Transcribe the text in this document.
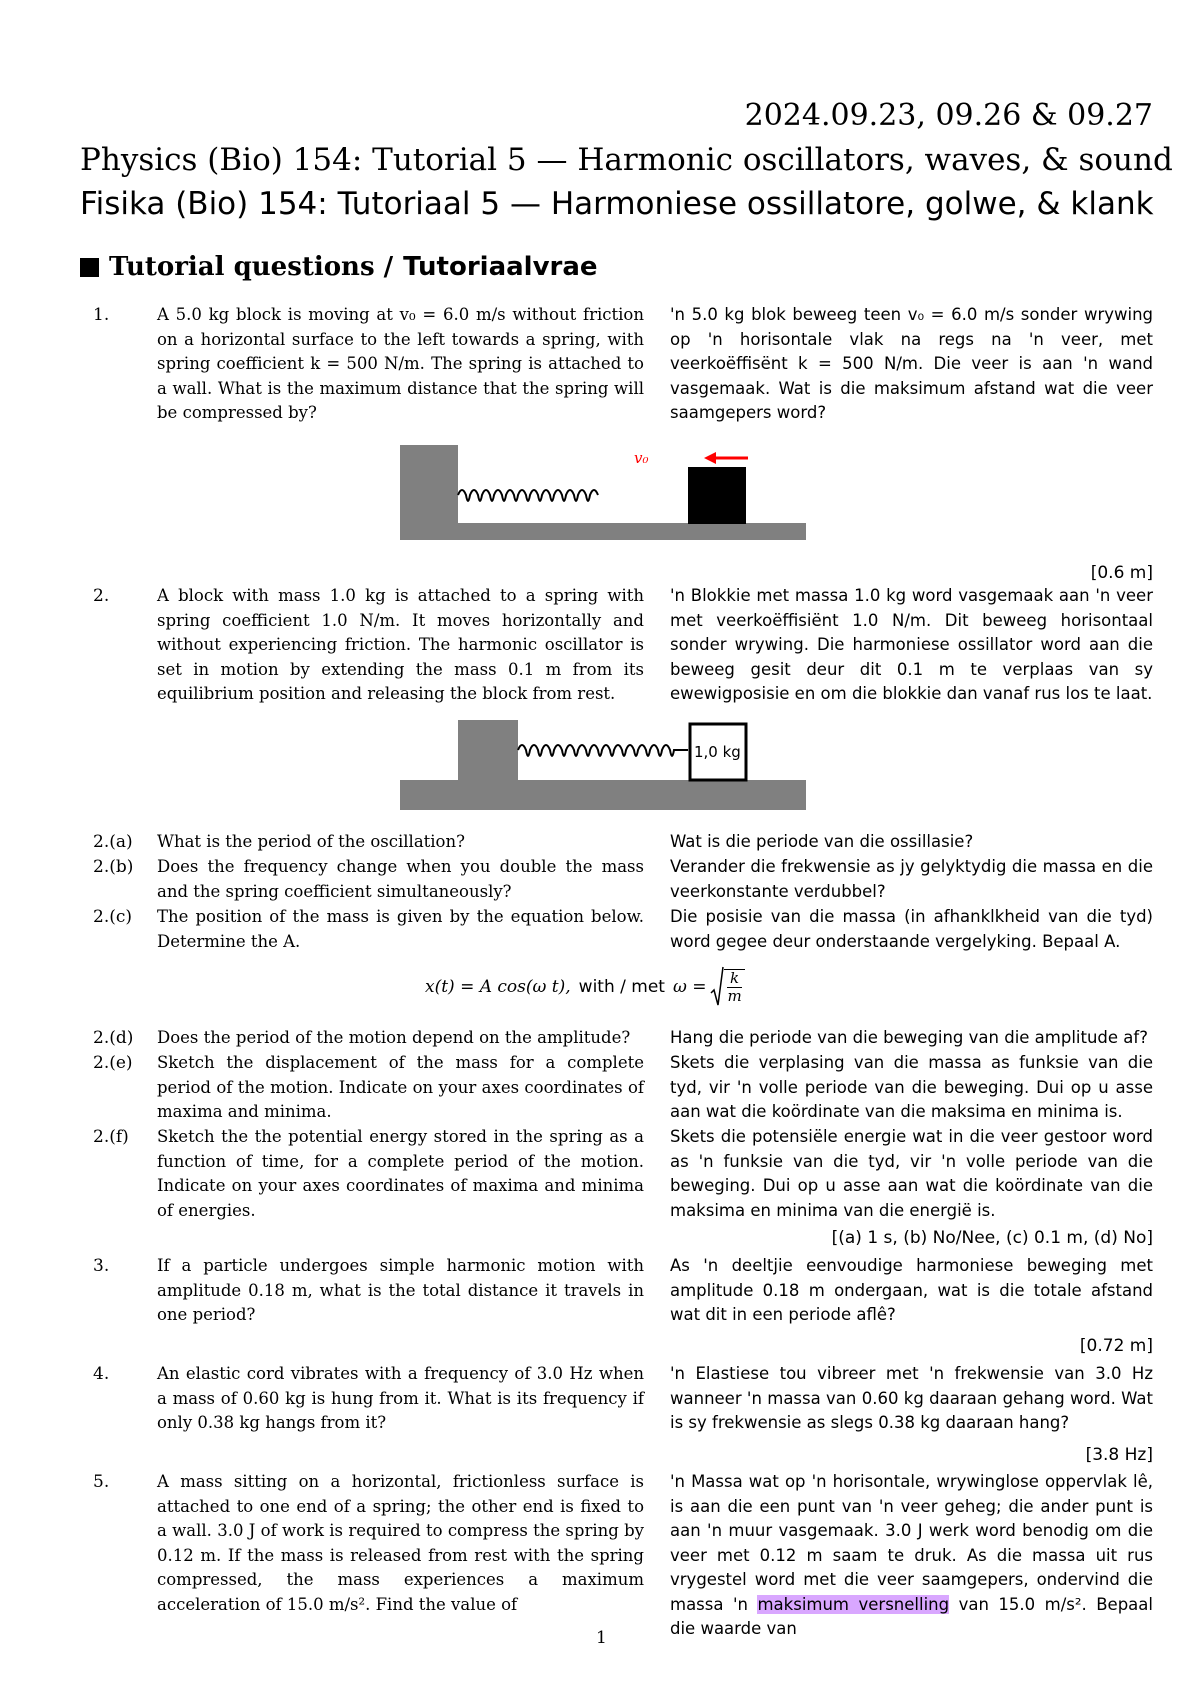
2024.09.23, 09.26 & 09.27
Physics (Bio) 154: Tutorial 5 — Harmonic oscillators, waves, & sound
Fisika (Bio) 154: Tutoriaal 5 — Harmoniese ossillatore, golwe, & klank
Tutorial questions / Tutoriaalvrae
1.	A 5.0 kg block is moving at v₀ = 6.0 m/s without friction on a horizontal surface to the left towards a spring, with spring coefficient k = 500 N/m. The spring is attached to a wall. What is the maximum distance that the spring will be compressed by?
'n 5.0 kg blok beweeg teen v₀ = 6.0 m/s sonder wrywing op 'n horisontale vlak na regs na 'n veer, met veerkoëffisënt k = 500 N/m. Die veer is aan 'n wand vasgemaak. Wat is die maksimum afstand wat die veer saamgepers word?
v₀
[0.6 m]
2.	A block with mass 1.0 kg is attached to a spring with spring coefficient 1.0 N/m. It moves horizontally and without experiencing friction. The harmonic oscillator is set in motion by extending the mass 0.1 m from its equilibrium position and releasing the block from rest.
'n Blokkie met massa 1.0 kg word vasgemaak aan 'n veer met veerkoëffisiënt 1.0 N/m. Dit beweeg horisontaal sonder wrywing. Die harmoniese ossillator word aan die beweeg gesit deur dit 0.1 m te verplaas van sy ewewigposisie en om die blokkie dan vanaf rus los te laat.
1,0 kg
2.(a) What is the period of the oscillation?	Wat is die periode van die ossillasie?
2.(b) Does the frequency change when you double the mass and the spring coefficient simultaneously?
Verander die frekwensie as jy gelyktydig die massa en die veerkonstante verdubbel?
2.(c) The position of the mass is given by the equation below. Determine the A.
Die posisie van die massa (in afhanklkheid van die tyd) word gegee deur onderstaande vergelyking. Bepaal A.
x(t) = A cos(ω t), with / met $\omega = \frac{k}{m}$
2.(d) Does the period of the motion depend on the amplitude?	Hang die periode van die beweging van die amplitude af?
2.(e) Sketch the displacement of the mass for a complete period of the motion. Indicate on your axes coordinates of maxima and minima.
Skets die verplasing van die massa as funksie van die tyd, vir 'n volle periode van die beweging. Dui op u asse aan wat die koördinate van die maksima en minima is.
2.(f) Sketch the the potential energy stored in the spring as a function of time, for a complete period of the motion. Indicate on your axes coordinates of maxima and minima of energies.
Skets die potensiële energie wat in die veer gestoor word as 'n funksie van die tyd, vir 'n volle periode van die beweging. Dui op u asse aan wat die koördinate van die maksima en minima van die energië is.
[(a) 1 s, (b) No/Nee, (c) 0.1 m, (d) No]
3.	If a particle undergoes simple harmonic motion with amplitude 0.18 m, what is the total distance it travels in one period?
As 'n deeltjie eenvoudige harmoniese beweging met amplitude 0.18 m ondergaan, wat is die totale afstand wat dit in een periode aflê?
[0.72 m]
4.	An elastic cord vibrates with a frequency of 3.0 Hz when a mass of 0.60 kg is hung from it. What is its frequency if only 0.38 kg hangs from it?
'n Elastiese tou vibreer met 'n frekwensie van 3.0 Hz wanneer 'n massa van 0.60 kg daaraan gehang word. Wat is sy frekwensie as slegs 0.38 kg daaraan hang?
[3.8 Hz]
5.	A mass sitting on a horizontal, frictionless surface is attached to one end of a spring; the other end is fixed to a wall. 3.0 J of work is required to compress the spring by 0.12 m. If the mass is released from rest with the spring compressed, the mass experiences a maximum acceleration of 15.0 m/s². Find the value of
'n Massa wat op 'n horisontale, wrywinglose oppervlak lê, is aan die een punt van 'n veer geheg; die ander punt is aan 'n muur vasgemaak. 3.0 J werk word benodig om die veer met 0.12 m saam te druk. As die massa uit rus vrygestel word met die veer saamgepers, ondervind die massa 'n maksimum versnelling van 15.0 m/s². Bepaal die waarde van
1
